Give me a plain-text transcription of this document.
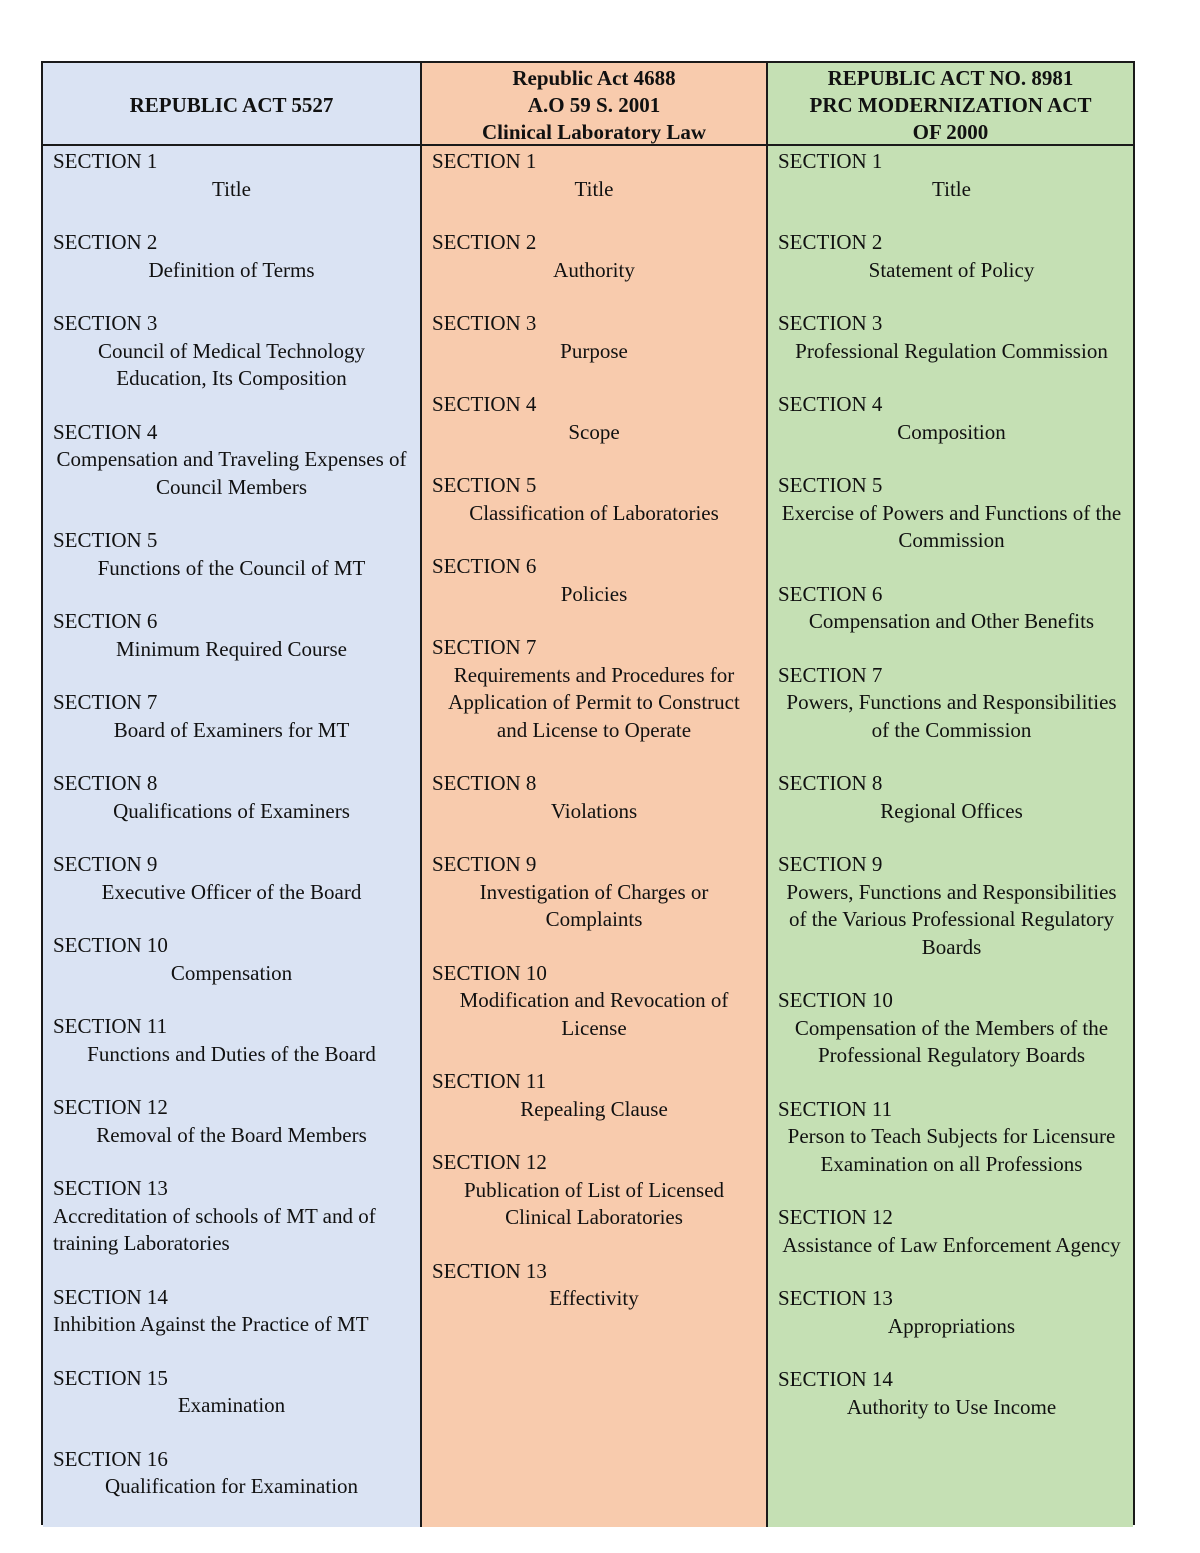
REPUBLIC ACT 5527
Republic Act 4688
A.O 59 S. 2001
Clinical Laboratory Law
REPUBLIC ACT NO. 8981
PRC MODERNIZATION ACT
OF 2000
SECTION 1
Title
SECTION 2
Definition of Terms
SECTION 3
Council of Medical Technology Education, Its Composition
SECTION 4
Compensation and Traveling Expenses of Council Members
SECTION 5
Functions of the Council of MT
SECTION 6
Minimum Required Course
SECTION 7
Board of Examiners for MT
SECTION 8
Qualifications of Examiners
SECTION 9
Executive Officer of the Board
SECTION 10
Compensation
SECTION 11
Functions and Duties of the Board
SECTION 12
Removal of the Board Members
SECTION 13
Accreditation of schools of MT and of training Laboratories
SECTION 14
Inhibition Against the Practice of MT
SECTION 15
Examination
SECTION 16
Qualification for Examination
SECTION 1
Title
SECTION 2
Authority
SECTION 3
Purpose
SECTION 4
Scope
SECTION 5
Classification of Laboratories
SECTION 6
Policies
SECTION 7
Requirements and Procedures for Application of Permit to Construct and License to Operate
SECTION 8
Violations
SECTION 9
Investigation of Charges or Complaints
SECTION 10
Modification and Revocation of License
SECTION 11
Repealing Clause
SECTION 12
Publication of List of Licensed Clinical Laboratories
SECTION 13
Effectivity
SECTION 1
Title
SECTION 2
Statement of Policy
SECTION 3
Professional Regulation Commission
SECTION 4
Composition
SECTION 5
Exercise of Powers and Functions of the Commission
SECTION 6
Compensation and Other Benefits
SECTION 7
Powers, Functions and Responsibilities of the Commission
SECTION 8
Regional Offices
SECTION 9
Powers, Functions and Responsibilities of the Various Professional Regulatory Boards
SECTION 10
Compensation of the Members of the Professional Regulatory Boards
SECTION 11
Person to Teach Subjects for Licensure Examination on all Professions
SECTION 12
Assistance of Law Enforcement Agency
SECTION 13
Appropriations
SECTION 14
Authority to Use Income
